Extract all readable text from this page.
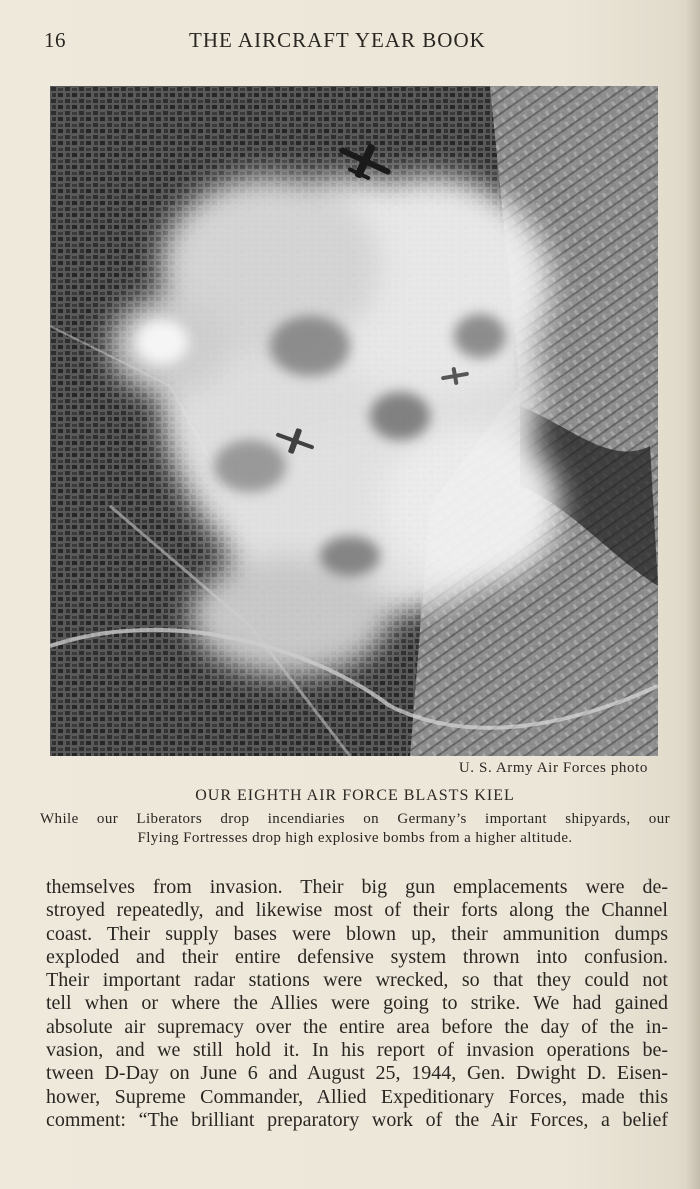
16	THE AIRCRAFT YEAR BOOK
U. S. Army Air Forces photo
OUR EIGHTH AIR FORCE BLASTS KIEL
While our Liberators drop incendiaries on Germany’s important shipyards, our
Flying Fortresses drop high explosive bombs from a higher altitude.
themselves from invasion. Their big gun emplacements were de-
stroyed repeatedly, and likewise most of their forts along the Channel
coast. Their supply bases were blown up, their ammunition dumps
exploded and their entire defensive system thrown into confusion.
Their important radar stations were wrecked, so that they could not
tell when or where the Allies were going to strike. We had gained
absolute air supremacy over the entire area before the day of the in-
vasion, and we still hold it. In his report of invasion operations be-
tween D-Day on June 6 and August 25, 1944, Gen. Dwight D. Eisen-
hower, Supreme Commander, Allied Expeditionary Forces, made this
comment: “The brilliant preparatory work of the Air Forces, a belief
